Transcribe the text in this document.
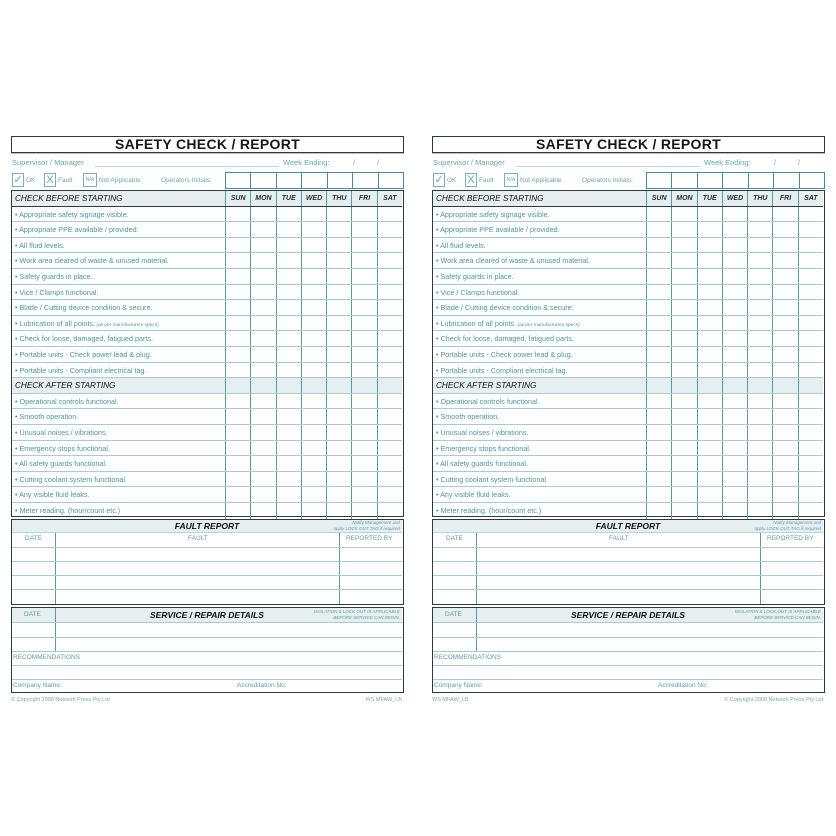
SAFETY CHECK / REPORT
Supervisor / Manager	Week Ending:	/	/
✓ OK X Fault	N/A Not Applicable	Operators Initials:
CHECK BEFORE STARTING	SUN	MON	TUE	WED	THU	FRI	SAT
• Appropriate safety signage visible.
• Appropriate PPE available / provided.
• All fluid levels.
• Work area cleared of waste & unused material.
• Safety guards in place.
• Vice / Clamps functional.
• Blade / Cutting device condition & secure.
• Lubrication of all points. (as per manufacturers specs)
• Check for loose, damaged, fatigued parts.
• Portable units - Check power lead & plug.
• Portable units - Compliant electrical tag.
CHECK AFTER STARTING
• Operational controls functional.
• Smooth operation.
• Unusual noises / vibrations.
• Emergency stops functional.
• All safety guards functional.
• Cutting coolant system functional.
• Any visible fluid leaks.
• Meter reading. (hour/count etc.)
FAULT REPORT	Notify Management and
apply LOCK OUT TAG if required
DATE	FAULT	REPORTED BY
SERVICE / REPAIR DETAILS	ISOLATION & LOCK OUT IS APPLICABLE
BEFORE SERVICE CAN BEGIN.
DATE
RECOMMENDATIONS
Company Name:	Accreditation No:
© Copyright 2008 Network Press Pty Ltd	WS MFAW_LB
SAFETY CHECK / REPORT
Supervisor / Manager	Week Ending:	/	/
✓ OK X Fault	N/A Not Applicable	Operators Initials:
CHECK BEFORE STARTING	SUN	MON	TUE	WED	THU	FRI	SAT
• Appropriate safety signage visible.
• Appropriate PPE available / provided.
• All fluid levels.
• Work area cleared of waste & unused material.
• Safety guards in place.
• Vice / Clamps functional.
• Blade / Cutting device condition & secure.
• Lubrication of all points. (as per manufacturers specs)
• Check for loose, damaged, fatigued parts.
• Portable units - Check power lead & plug.
• Portable units - Compliant electrical tag.
CHECK AFTER STARTING
• Operational controls functional.
• Smooth operation.
• Unusual noises / vibrations.
• Emergency stops functional.
• All safety guards functional.
• Cutting coolant system functional.
• Any visible fluid leaks.
• Meter reading. (hour/count etc.)
FAULT REPORT	Notify Management and
apply LOCK OUT TAG if required
DATE	FAULT	REPORTED BY
SERVICE / REPAIR DETAILS	ISOLATION & LOCK OUT IS APPLICABLE
BEFORE SERVICE CAN BEGIN.
DATE
RECOMMENDATIONS
Company Name:	Accreditation No:
WS MFAW_LB	© Copyright 2008 Network Press Pty Ltd
